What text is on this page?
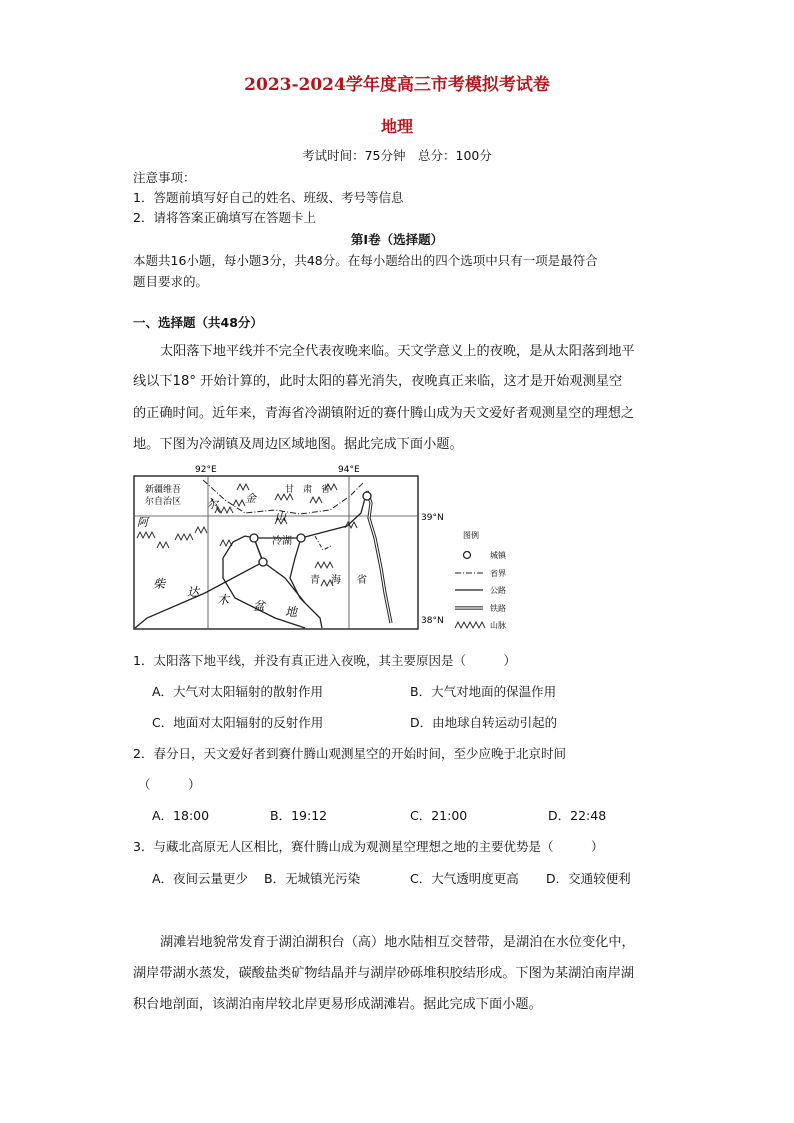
2023-2024学年度高三市考模拟考试卷
地理
考试时间：75分钟　总分：100分
注意事项：
1．答题前填写好自己的姓名、班级、考号等信息
2．请将答案正确填写在答题卡上
第Ⅰ卷（选择题）
本题共16小题，每小题3分，共48分。在每小题给出的四个选项中只有一项是最符合
题目要求的。
一、选择题（共48分）
太阳落下地平线并不完全代表夜晚来临。天文学意义上的夜晚，是从太阳落到地平
线以下18° 开始计算的，此时太阳的暮光消失，夜晚真正来临，这才是开始观测星空
的正确时间。近年来，青海省冷湖镇附近的赛什腾山成为天文爱好者观测星空的理想之
地。下图为冷湖镇及周边区域地图。据此完成下面小题。
92°E	94°E
39°N
38°N
新疆维吾
尔自治区
甘　肃　省
冷湖
青 海 省
阿
尔 金
山
柴
达
木 盆 地
图例
城镇
省界
公路
铁路
山脉
1．太阳落下地平线，并没有真正进入夜晚，其主要原因是（　　　）
A．大气对太阳辐射的散射作用	B．大气对地面的保温作用
C．地面对太阳辐射的反射作用	D．由地球自转运动引起的
2．春分日，天文爱好者到赛什腾山观测星空的开始时间，至少应晚于北京时间
（　　　）
A．18:00	B．19:12	C．21:00	D．22:48
3．与藏北高原无人区相比，赛什腾山成为观测星空理想之地的主要优势是（　　　）
A．夜间云量更少 B．无城镇光污染	C．大气透明度更高 D．交通较便利
湖滩岩地貌常发育于湖泊湖积台（高）地水陆相互交替带，是湖泊在水位变化中，
湖岸带湖水蒸发，碳酸盐类矿物结晶并与湖岸砂砾堆积胶结形成。下图为某湖泊南岸湖
积台地剖面，该湖泊南岸较北岸更易形成湖滩岩。据此完成下面小题。
